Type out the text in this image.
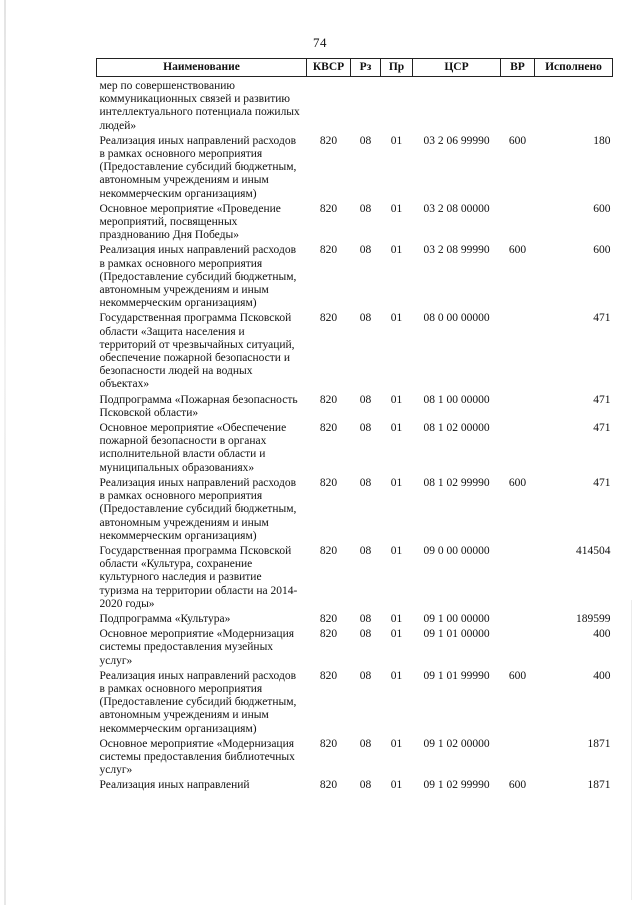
74
Наименование	КВСР	Рз	Пр	ЦСР	ВР	Исполнено
мер по совершенствованию коммуникационных связей и развитию интеллектуального потенциала пожилых людей»						
Реализация иных направлений расходов в рамках основного мероприятия (Предоставление субсидий бюджетным, автономным учреждениям и иным некоммерческим организациям)	820	08	01	03 2 06 99990	600	180
Основное мероприятие «Проведение мероприятий, посвященных празднованию Дня Победы»	820	08	01	03 2 08 00000		600
Реализация иных направлений расходов в рамках основного мероприятия (Предоставление субсидий бюджетным, автономным учреждениям и иным некоммерческим организациям)	820	08	01	03 2 08 99990	600	600
Государственная программа Псковской области «Защита населения и территорий от чрезвычайных ситуаций, обеспечение пожарной безопасности и безопасности людей на водных объектах»	820	08	01	08 0 00 00000		471
Подпрограмма «Пожарная безопасность Псковской области»	820	08	01	08 1 00 00000		471
Основное мероприятие «Обеспечение пожарной безопасности в органах исполнительной власти области и муниципальных образованиях»	820	08	01	08 1 02 00000		471
Реализация иных направлений расходов в рамках основного мероприятия (Предоставление субсидий бюджетным, автономным учреждениям и иным некоммерческим организациям)	820	08	01	08 1 02 99990	600	471
Государственная программа Псковской области «Культура, сохранение культурного наследия и развитие туризма на территории области на 2014-2020 годы»	820	08	01	09 0 00 00000		414504
Подпрограмма «Культура»	820	08	01	09 1 00 00000		189599
Основное мероприятие «Модернизация системы предоставления музейных услуг»	820	08	01	09 1 01 00000		400
Реализация иных направлений расходов в рамках основного мероприятия (Предоставление субсидий бюджетным, автономным учреждениям и иным некоммерческим организациям)	820	08	01	09 1 01 99990	600	400
Основное мероприятие «Модернизация системы предоставления библиотечных услуг»	820	08	01	09 1 02 00000		1871
Реализация иных направлений	820	08	01	09 1 02 99990	600	1871
